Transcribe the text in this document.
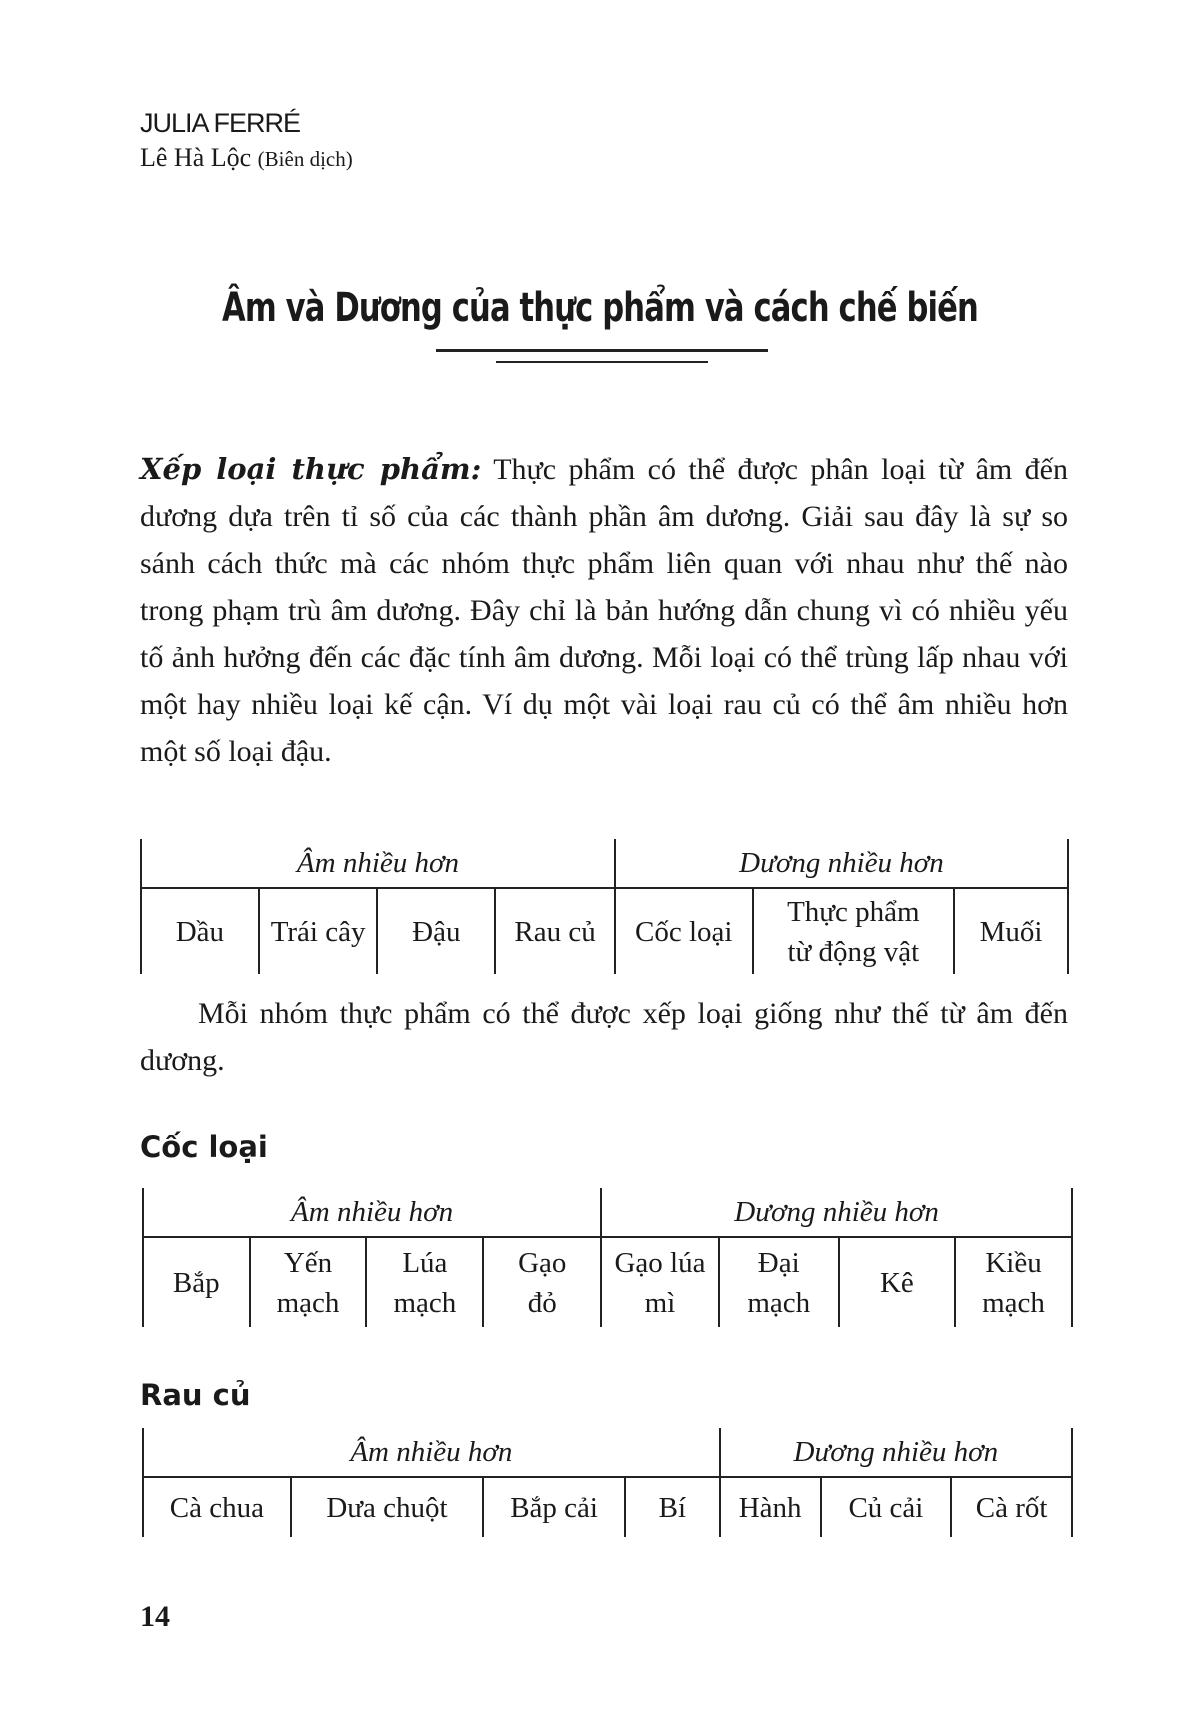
JULIA FERRÉ
Lê Hà Lộc (Biên dịch)
Âm và Dương của thực phẩm và cách chế biến
Xếp loại thực phẩm: Thực phẩm có thể được phân loại từ âm đến dương dựa trên tỉ số của các thành phần âm dương. Giải sau đây là sự so sánh cách thức mà các nhóm thực phẩm liên quan với nhau như thế nào trong phạm trù âm dương. Đây chỉ là bản hướng dẫn chung vì có nhiều yếu tố ảnh hưởng đến các đặc tính âm dương. Mỗi loại có thể trùng lấp nhau với một hay nhiều loại kế cận. Ví dụ một vài loại rau củ có thể âm nhiều hơn một số loại đậu.
Âm nhiều hơn				Dương nhiều hơn		
Dầu	Trái cây	Đậu	Rau củ	Cốc loại	Thực phẩm từ động vật	Muối
Mỗi nhóm thực phẩm có thể được xếp loại giống như thế từ âm đến dương.
Cốc loại
Âm nhiều hơn				Dương nhiều hơn			
Bắp	Yến mạch	Lúa mạch	Gạo đỏ	Gạo lúa mì	Đại mạch	Kê	Kiều mạch
Rau củ
Âm nhiều hơn				Dương nhiều hơn		
Cà chua	Dưa chuột	Bắp cải	Bí	Hành	Củ cải	Cà rốt
14
